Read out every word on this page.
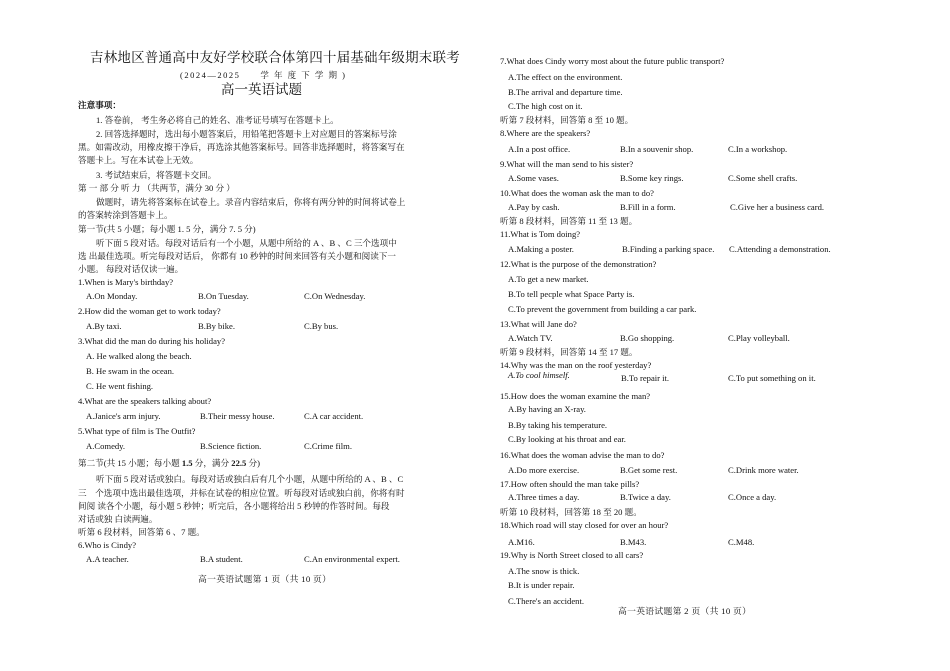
吉林地区普通高中友好学校联合体第四十届基础年级期末联考
(2024—2025　　学 年 度 下 学 期 )
高一英语试题
注意事项：
1. 答卷前， 考生务必将自己的姓名、准考证号填写在答题卡上。
2. 回答选择题时，选出每小题答案后，用铅笔把答题卡上对应题目的答案标号涂
黑。如需改动，用橡皮擦干净后，再选涂其他答案标号。回答非选择题时，将答案写在
答题卡上。写在本试卷上无效。
3. 考试结束后，将答题卡交回。
第 一 部 分 听 力 （共两节，满分 30 分 ）
做题时，请先将答案标在试卷上。录音内容结束后，你将有两分钟的时间将试卷上
的答案转涂到答题卡上。
第一节(共 5 小题；每小题 1. 5 分，满分 7. 5 分)
听下面 5 段对话。每段对话后有一个小题，从题中所给的 A 、B 、C 三个选项中
选 出最佳选项。听完每段对话后， 你都有 10 秒钟的时间来回答有关小题和阅读下一
小题。 每段对话仅读一遍。
1.When is Mary's birthday?
A.On Monday.	B.On Tuesday.	C.On Wednesday.
2.How did the woman get to work today?
A.By taxi.	B.By bike.	C.By bus.
3.What did the man do during his holiday?
A. He walked along the beach.
B. He swam in the ocean.
C. He went fishing.
4.What are the speakers talking about?
A.Janice's arm injury.	B.Their messy house.	C.A car accident.
5.What type of film is The Outfit?
A.Comedy.	B.Science fiction.	C.Crime film.
第二节(共 15 小题；每小题 1.5 分，满分 22.5 分)
听下面 5 段对话或独白。每段对话或独白后有几个小题，从题中所给的 A 、B 、C
三　个选项中选出最佳选项，并标在试卷的相应位置。听每段对话或独白前，你将有时
间阅 读各个小题，每小题 5 秒钟；听完后，各小题将给出 5 秒钟的作答时间。每段
对话或独 白读两遍。
听第 6 段材料，回答第 6 、7 题。
6.Who is Cindy?
A.A teacher.	B.A student.	C.An environmental expert.
高一英语试题第 1 页（共 10 页）
7.What does Cindy worry most about the future public transport?
A.The effect on the environment.
B.The arrival and departure time.
C.The high cost on it.
听第 7 段材料，回答第 8 至 10 题。
8.Where are the speakers?
A.In a post office.	B.In a souvenir shop.	C.In a workshop.
9.What will the man send to his sister?
A.Some vases.	B.Some key rings.	C.Some shell crafts.
10.What does the woman ask the man to do?
A.Pay by cash.	B.Fill in a form.	C.Give her a business card.
听第 8 段材料，回答第 11 至 13 题。
11.What is Tom doing?
A.Making a poster.	B.Finding a parking space. C.Attending a demonstration.
12.What is the purpose of the demonstration?
A.To get a new market.
B.To tell pecple what Space Party is.
C.To prevent the government from building a car park.
13.What will Jane do?
A.Watch TV.	B.Go shopping.	C.Play volleyball.
听第 9 段材料，回答第 14 至 17 题。
14.Why was the man on the roof yesterday?
A.To cool himself.	B.To repair it.	C.To put something on it.
15.How does the woman examine the man?
A.By having an X-ray.
B.By taking his temperature.
C.By looking at his throat and ear.
16.What does the woman advise the man to do?
A.Do more exercise.	B.Get some rest.	C.Drink more water.
17.How often should the man take pills?
A.Three times a day.	B.Twice a day.	C.Once a day.
听第 10 段材料，回答第 18 至 20 题。
18.Which road will stay closed for over an hour?
A.M16.	B.M43.	C.M48.
19.Why is North Street closed to all cars?
A.The snow is thick.
B.It is under repair.
C.There's an accident.
高一英语试题第 2 页（共 10 页）
